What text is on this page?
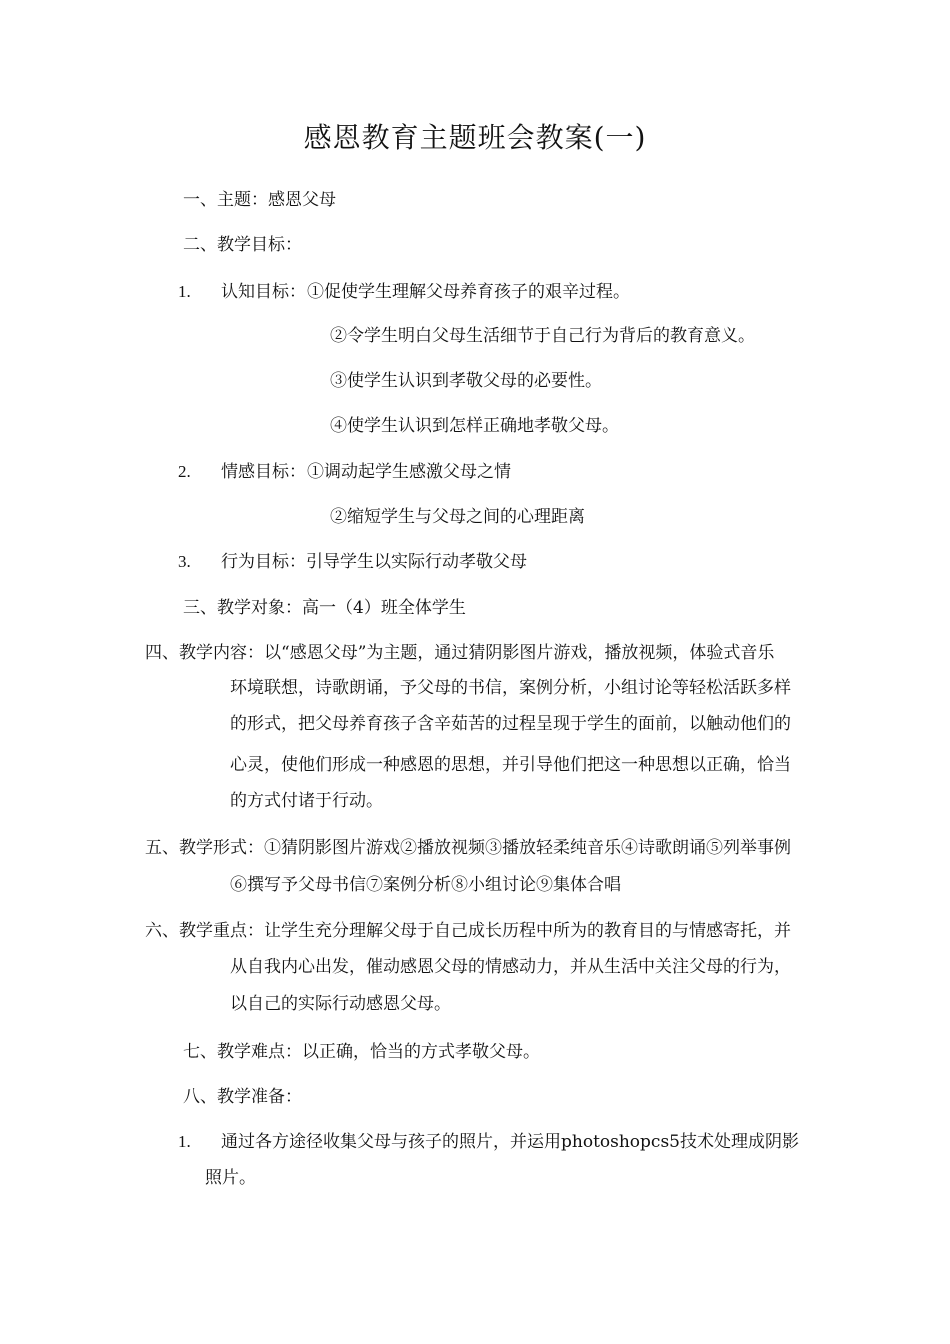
感恩教育主题班会教案(一)
一、主题：感恩父母
二、教学目标：
1. 认知目标： ①促使学生理解父母养育孩子的艰辛过程。
②令学生明白父母生活细节于自己行为背后的教育意义。
③使学生认识到孝敬父母的必要性。
④使学生认识到怎样正确地孝敬父母。
2. 情感目标： ①调动起学生感激父母之情
②缩短学生与父母之间的心理距离
3. 行为目标：引导学生以实际行动孝敬父母
三、教学对象：高一（4）班全体学生
四、教学内容：以“感恩父母”为主题，通过猜阴影图片游戏，播放视频，体验式音乐
环境联想，诗歌朗诵，予父母的书信，案例分析，小组讨论等轻松活跃多样
的形式，把父母养育孩子含辛茹苦的过程呈现于学生的面前，以触动他们的
心灵，使他们形成一种感恩的思想，并引导他们把这一种思想以正确，恰当
的方式付诸于行动。
五、教学形式：①猜阴影图片游戏②播放视频③播放轻柔纯音乐④诗歌朗诵⑤列举事例
⑥撰写予父母书信⑦案例分析⑧小组讨论⑨集体合唱
六、教学重点：让学生充分理解父母于自己成长历程中所为的教育目的与情感寄托，并
从自我内心出发，催动感恩父母的情感动力，并从生活中关注父母的行为，
以自己的实际行动感恩父母。
七、教学难点：以正确，恰当的方式孝敬父母。
八、教学准备：
1. 通过各方途径收集父母与孩子的照片，并运用photoshopcs5技术处理成阴影
照片。
